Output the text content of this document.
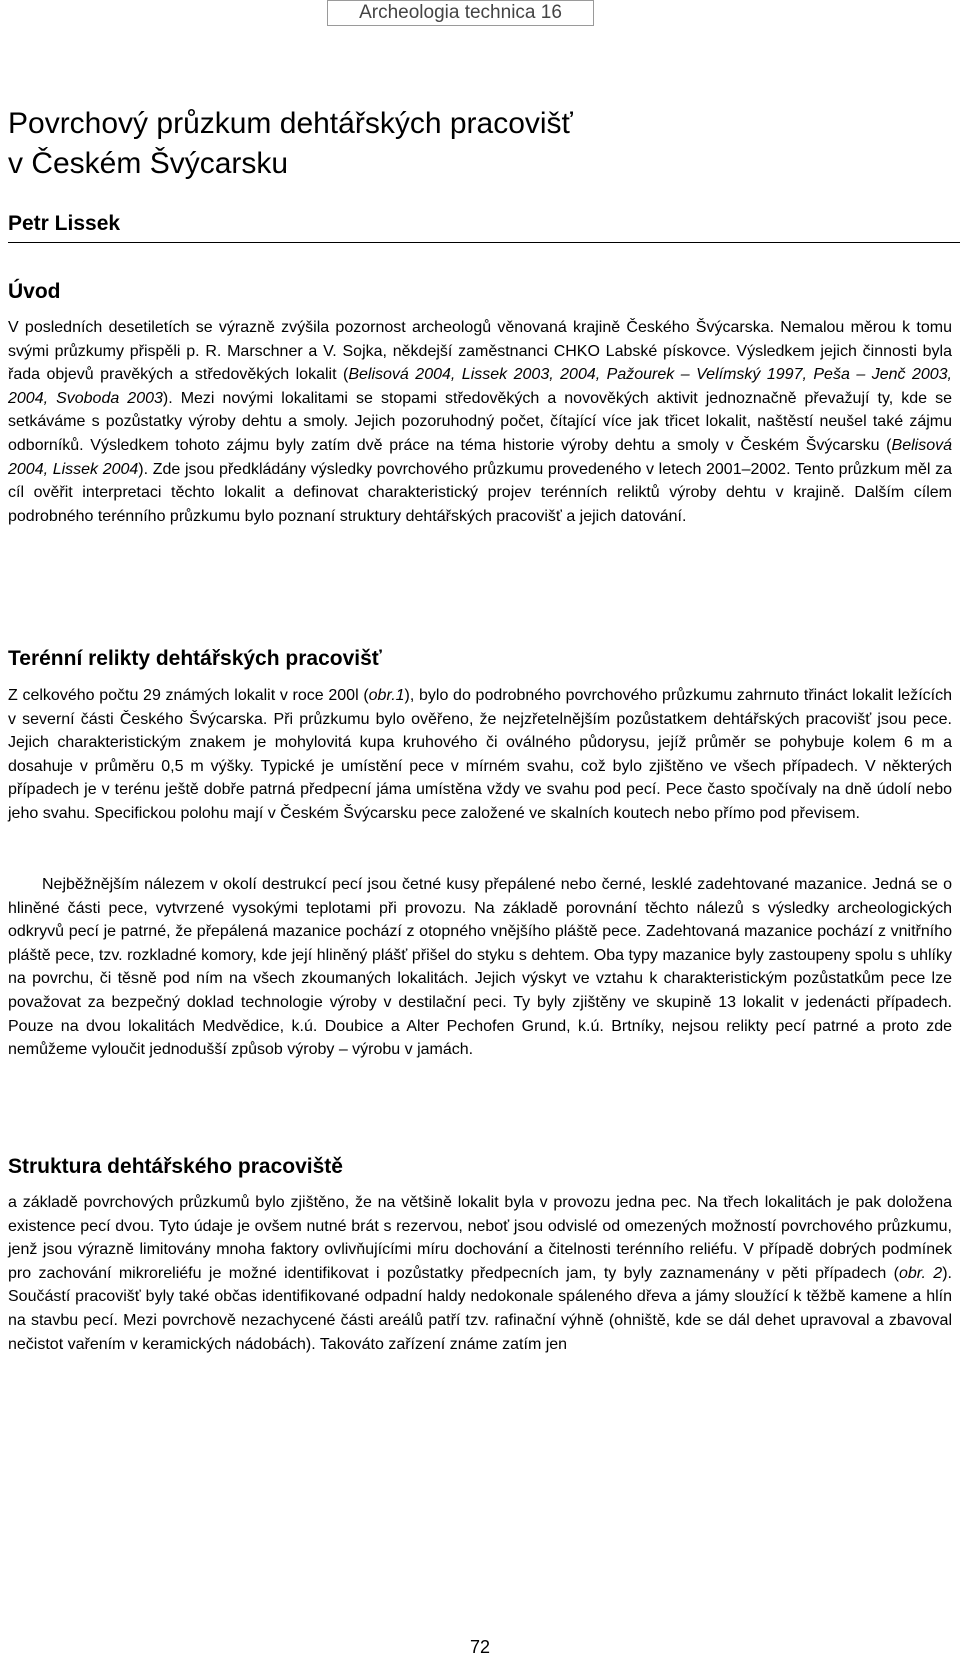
Archeologia technica 16
Povrchový průzkum dehtářských pracovišť
v Českém Švýcarsku

Petr Lissek

Úvod

V posledních desetiletích se výrazně zvýšila pozornost archeologů věnovaná krajině Českého Švýcarska. Nemalou měrou k tomu svými průzkumy přispěli p. R. Marschner a V. Sojka, někdejší zaměstnanci CHKO Labské pískovce. Výsledkem jejich činnosti byla řada objevů pravěkých a středověkých lokalit (Belisová 2004, Lissek 2003, 2004, Pažourek – Velímský 1997, Peša – Jenč 2003, 2004, Svoboda 2003). Mezi novými lokalitami se stopami středověkých a novověkých aktivit jednoznačně převažují ty, kde se setkáváme s pozůstatky výroby dehtu a smoly. Jejich pozoruhodný počet, čítající více jak třicet lokalit, naštěstí neušel také zájmu odborníků. Výsledkem tohoto zájmu byly zatím dvě práce na téma historie výroby dehtu a smoly v Českém Švýcarsku (Belisová 2004, Lissek 2004). Zde jsou předkládány výsledky povrchového průzkumu provedeného v letech 2001–2002. Tento průzkum měl za cíl ověřit interpretaci těchto lokalit a definovat charakteristický projev terénních reliktů výroby dehtu v krajině. Dalším cílem podrobného terénního průzkumu bylo poznaní struktury dehtářských pracovišť a jejich datování.

Terénní relikty dehtářských pracovišť

Z celkového počtu 29 známých lokalit v roce 200l (obr.1), bylo do podrobného povrchového průzkumu zahrnuto třináct lokalit ležících v severní části Českého Švýcarska. Při průzkumu bylo ověřeno, že nejzřetelnějším pozůstatkem dehtářských pracovišť jsou pece. Jejich charakteristickým znakem je mohylovitá kupa kruhového či oválného půdorysu, jejíž průměr se pohybuje kolem 6 m a dosahuje v průměru 0,5 m výšky. Typické je umístění pece v mírném svahu, což bylo zjištěno ve všech případech. V některých případech je v terénu ještě dobře patrná předpecní jáma umístěna vždy ve svahu pod pecí. Pece často spočívaly na dně údolí nebo jeho svahu. Specifickou polohu mají v Českém Švýcarsku pece založené ve skalních koutech nebo přímo pod převisem.

Nejběžnějším nálezem v okolí destrukcí pecí jsou četné kusy přepálené nebo černé, lesklé zadehtované mazanice. Jedná se o hliněné části pece, vytvrzené vysokými teplotami při provozu. Na základě porovnání těchto nálezů s výsledky archeologických odkryvů pecí je patrné, že přepálená mazanice pochází z otopného vnějšího pláště pece. Zadehtovaná mazanice pochází z vnitřního pláště pece, tzv. rozkladné komory, kde její hliněný plášť přišel do styku s dehtem. Oba typy mazanice byly zastoupeny spolu s uhlíky na povrchu, či těsně pod ním na všech zkoumaných lokalitách. Jejich výskyt ve vztahu k charakteristickým pozůstatkům pece lze považovat za bezpečný doklad technologie výroby v destilační peci. Ty byly zjištěny ve skupině 13 lokalit v jedenácti případech. Pouze na dvou lokalitách Medvědice, k.ú. Doubice a Alter Pechofen Grund, k.ú. Brtníky, nejsou relikty pecí patrné a proto zde nemůžeme vyloučit jednodušší způsob výroby – výrobu v jamách.

Struktura dehtářského pracoviště

a základě povrchových průzkumů bylo zjištěno, že na většině lokalit byla v provozu jedna pec. Na třech lokalitách je pak doložena existence pecí dvou. Tyto údaje je ovšem nutné brát s rezervou, neboť jsou odvislé od omezených možností povrchového průzkumu, jenž jsou výrazně limitovány mnoha faktory ovlivňujícími míru dochování a čitelnosti terénního reliéfu. V případě dobrých podmínek pro zachování mikroreliéfu je možné identifikovat i pozůstatky předpecních jam, ty byly zaznamenány v pěti případech (obr. 2). Součástí pracovišť byly také občas identifikované odpadní haldy nedokonale spáleného dřeva a jámy sloužící k těžbě kamene a hlín na stavbu pecí. Mezi povrchově nezachycené části areálů patří tzv. rafinační výhně (ohniště, kde se dál dehet upravoval a zbavoval nečistot vařením v keramických nádobách). Takováto zařízení známe zatím jen

72
